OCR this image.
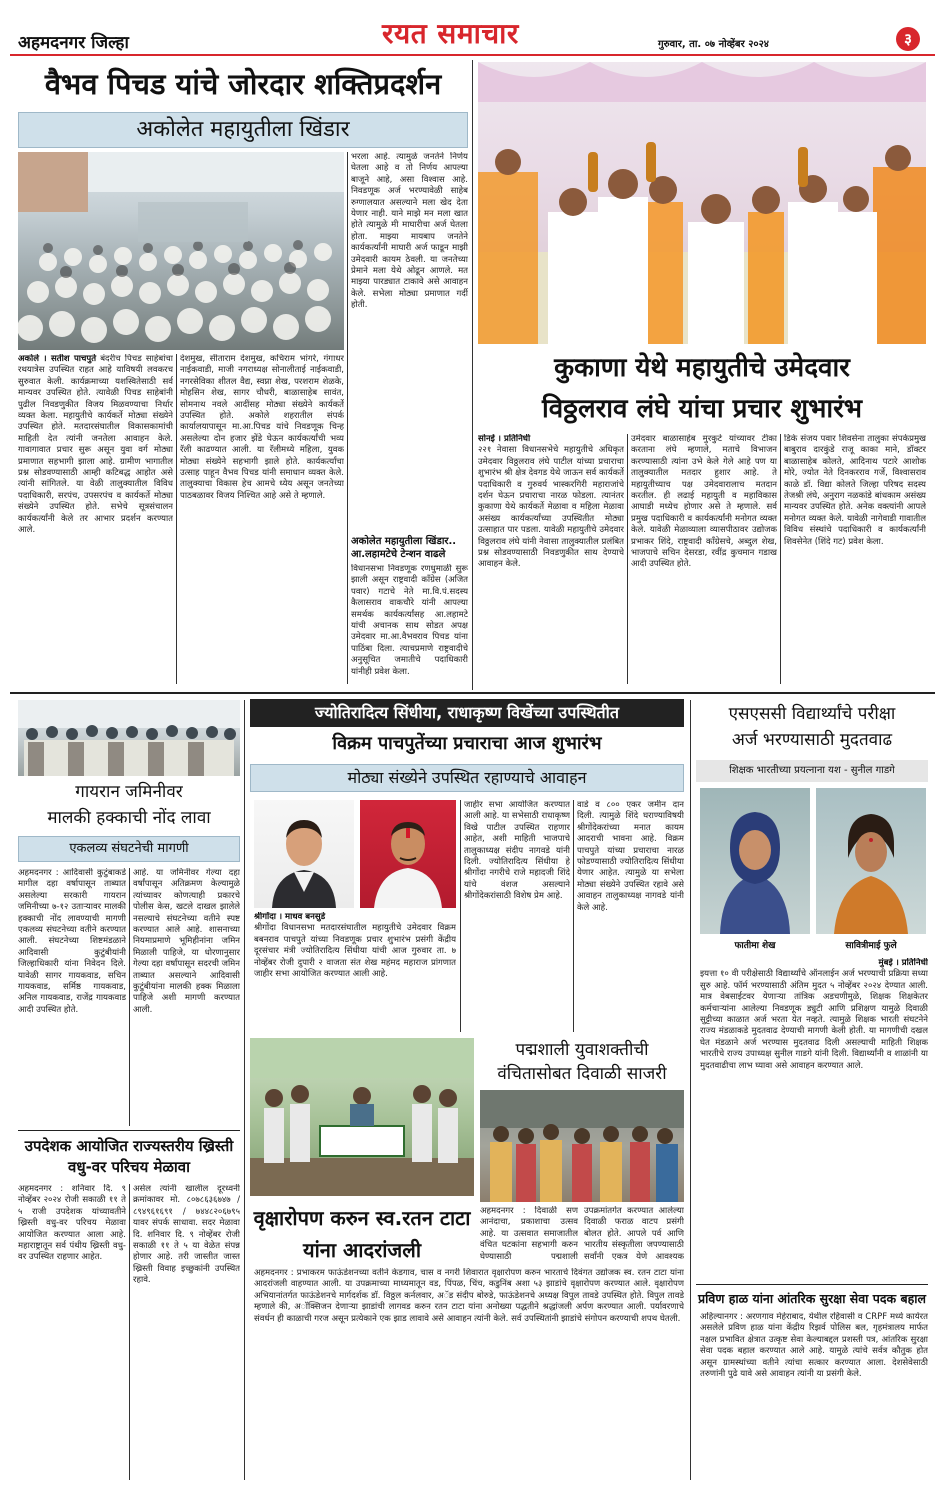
अहमदनगर जिल्हा	रयत समाचार	गुरुवार, ता. ०७ नोव्हेंबर २०२४	३
वैभव पिचड यांचे जोरदार शक्तिप्रदर्शन
अकोलेत महायुतीला खिंडार
अकोले । सतीश पाचपुते बंदरीच पिचड साहेबांचा रथयात्रेस उपस्थित राहत आहे याविषयी लवकरच सुरुवात केली. कार्यक्रमाच्या यशस्वितेसाठी सर्व मान्यवर उपस्थित होते. त्यावेळी पिचड साहेबांनी पुढील निवडणुकीत विजय मिळवण्याचा निर्धार व्यक्त केला. महायुतीचे कार्यकर्ते मोठ्या संख्येने उपस्थित होते. मतदारसंघातील विकासकामांची माहिती देत त्यांनी जनतेला आवाहन केले. गावागावात प्रचार सुरू असून युवा वर्ग मोठ्या प्रमाणात सहभागी झाला आहे. ग्रामीण भागातील प्रश्न सोडवण्यासाठी आम्ही कटिबद्ध आहोत असे त्यांनी सांगितले. या वेळी तालुक्यातील विविध पदाधिकारी, सरपंच, उपसरपंच व कार्यकर्ते मोठ्या संख्येने उपस्थित होते. सभेचे सूत्रसंचालन कार्यकर्त्यांनी केले तर आभार प्रदर्शन करण्यात आले.
देशमुख, सीताराम देशमुख, कचिराम भांगरे, गंगाधर नाईकवाडी, माजी नगराध्यक्ष सोनालीताई नाईकवाडी, नगरसेविका शीतल वैद्य, स्वप्ना शेख, परशराम शेळके, मोहसिन शेख, सागर चौधरी, बाळासाहेब सावंत, सोमनाथ नवले आदींसह मोठ्या संख्येने कार्यकर्ते उपस्थित होते. अकोले शहरातील संपर्क कार्यालयापासून मा.आ.पिचड यांचे निवडणूक चिन्ह असलेल्या दोन हजार झेंडे घेऊन कार्यकर्त्यांची भव्य रॅली काढण्यात आली. या रॅलीमध्ये महिला, युवक मोठ्या संख्येने सहभागी झाले होते. कार्यकर्त्यांचा उत्साह पाहून वैभव पिचड यांनी समाधान व्यक्त केले. तालुक्याचा विकास हेच आमचे ध्येय असून जनतेच्या पाठबळावर विजय निश्चित आहे असे ते म्हणाले.
भरला आहे. त्यामुळे जनतेने निर्णय घेतला आहे व तो निर्णय आपल्या बाजूने आहे, असा विश्वास आहे. निवडणूक अर्ज भरण्यावेळी साहेब रुग्णालयात असल्याने मला खेद देता येणार नाही. याने माझे मन मला खात होते त्यामुळे मी माघारीचा अर्ज घेतला होता. माझ्या मायबाप जनतेने कार्यकर्त्यांनी माघारी अर्ज फाडून माझी उमेदवारी कायम ठेवली. या जनतेच्या प्रेमाने मला येथे ओढून आणले. मत माझ्या पारड्यात टाकावे असे आवाहन केले. सभेला मोठ्या प्रमाणात गर्दी होती.
अकोलेत महायुतीला खिंडार.. आ.लहामटेचे टेन्शन वाढले
विधानसभा निवडणूक रणधुमाळी सुरू झाली असून राष्ट्रवादी काँग्रेस (अजित पवार) गटाचे नेते मा.वि.पं.सदस्य कैलासराव वाकचौरे यांनी आपल्या समर्थक कार्यकर्त्यांसह आ.लहामटे यांची अचानक साथ सोडत अपक्ष उमेदवार मा.आ.वैभवराव पिचड यांना पाठिंबा दिला. त्याचप्रमाणे राष्ट्रवादीचे अनुसूचित जमातीचे पदाधिकारी यांनीही प्रवेश केला.
कुकाणा येथे महायुतीचे उमेदवार
विठ्ठलराव लंघे यांचा प्रचार शुभारंभ
सोनई । प्रतिनिधी
२२१ नेवासा विधानसभेचे महायुतीचे अधिकृत उमेदवार विठ्ठलराव लंघे पाटील यांच्या प्रचाराचा शुभारंभ श्री क्षेत्र देवगड येथे जाऊन सर्व कार्यकर्ते पदाधिकारी व गुरुवर्य भास्करगिरी महाराजांचे दर्शन घेऊन प्रचाराचा नारळ फोडला. त्यानंतर कुकाणा येथे कार्यकर्ते मेळावा व महिला मेळावा असंख्य कार्यकर्त्यांच्या उपस्थितीत मोठ्या उत्साहात पार पडला. यावेळी महायुतीचे उमेदवार विठ्ठलराव लंघे यांनी नेवासा तालुक्यातील प्रलंबित प्रश्न सोडवण्यासाठी निवडणुकीत साथ देण्याचे आवाहन केले.
उमेदवार बाळासाहेब मुरकुटे यांच्यावर टीका करताना लंघे म्हणाले, मताचे विभाजन करण्यासाठी त्यांना उभे केले गेले आहे पण या तालुक्यातील मतदार हुशार आहे. ते महायुतीच्याच पक्ष उमेदवारालाच मतदान करतील. ही लढाई महायुती व महाविकास आघाडी मध्येच होणार असे ते म्हणाले. सर्व प्रमुख पदाधिकारी व कार्यकर्त्यांनी मनोगत व्यक्त केले. यावेळी मेळाव्याला व्यासपीठावर उद्योजक प्रभाकर शिंदे, राष्ट्रवादी काँग्रेसचे, अब्दुल शेख, भाजपाचे सचिन देसरडा, रवींद्र कुचमान गडाख आदी उपस्थित होते.
डिके संजय पवार शिवसेना तालुका संपर्कप्रमुख बाबुराव दारकुंडे राजू काका माने, डॉक्टर बाळासाहेब कोलते, आदिनाथ पटारे आशोक मोरे, ज्योत नेते दिनकरराव गर्जे, विश्वासराव काळे डॉ. विद्या कोलते जिल्हा परिषद सदस्य तेजश्री लंघे, अनुराग नळकांडे बांधकाम असंख्य मान्यवर उपस्थित होते. अनेक वक्त्यांनी आपले मनोगत व्यक्त केले. यावेळी नागेवाडी गावातील विविध संस्थांचे पदाधिकारी व कार्यकर्त्यांनी शिवसेनेत (शिंदे गट) प्रवेश केला.
गायरान जमिनीवर
मालकी हक्काची नोंद लावा
एकलव्य संघटनेची मागणी
अहमदनगर : आदिवासी कुटुंबाकडे मागील दहा वर्षापासून ताब्यात असलेल्या सरकारी गायरान जमिनीच्या ७-१२ उताऱ्यावर मालकी हक्काची नोंद लावण्याची मागणी एकलव्य संघटनेच्या वतीने करण्यात आली. संघटनेच्या शिष्टमंडळाने आदिवासी कुटुंबीयांनी जिल्हाधिकारी यांना निवेदन दिले. यावेळी सागर गायकवाड, सचिन गायकवाड, सर्मिष्ठ गायकवाड, अनिल गायकवाड, राजेंद्र गायकवाड आदी उपस्थित होते.
आहे. या जमिनीवर गेल्या दहा वर्षांपासून अतिक्रमण केल्यामुळे त्यांच्यावर कोणत्याही प्रकारचे पोलीस केस, खटले दाखल झालेले नसल्याचे संघटनेच्या वतीने स्पष्ट करण्यात आले आहे. शासनाच्या नियमाप्रमाणे भूमिहीनांना जमिन मिळाली पाहिजे, या धोरणानुसार गेल्या दहा वर्षांपासून सदरची जमिन ताब्यात असल्याने आदिवासी कुटुंबीयांना मालकी हक्क मिळाला पाहिजे अशी मागणी करण्यात आली.
उपदेशक आयोजित राज्यस्तरीय ख्रिस्ती वधु-वर परिचय मेळावा
अहमदनगर : शनिवार दि. ९ नोव्हेंबर २०२४ रोजी सकाळी ११ ते ५ राजी उपदेशक यांच्यावतीने ख्रिस्ती वधु-वर परिचय मेळावा आयोजित करण्यात आला आहे. महाराष्ट्रातून सर्व पंथीय ख्रिस्ती वधु-वर उपस्थित राहणार आहेत.
असेल त्यांनी खालील दूरध्वनी क्रमांकावर मो. ८०७८६३६७४७ / ८९४९६१६९१ / ७४४८२०६७९५ यावर संपर्क साधावा. सदर मेळावा दि. शनिवार दि. ९ नोव्हेंबर रोजी सकाळी ११ ते ५ या वेळेत संपन्न होणार आहे. तरी जास्तीत जास्त ख्रिस्ती विवाह इच्छुकांनी उपस्थित रहावे.
ज्योतिरादित्य सिंधीया, राधाकृष्ण विखेंच्या उपस्थितीत
विक्रम पाचपुतेंच्या प्रचाराचा आज शुभारंभ
मोठ्या संख्येने उपस्थित रहाण्याचे आवाहन
श्रीगोंदा । माधव बनसुडे
श्रीगोंदा विधानसभा मतदारसंघातील महायुतीचे उमेदवार विक्रम बबनराव पाचपुते यांच्या निवडणूक प्रचार शुभारंभ प्रसंगी केंद्रीय दूरसंचार मंत्री ज्योतिरादित्य सिंधीया यांची आज गुरुवार ता. ७ नोव्हेंबर रोजी दुपारी २ वाजता संत शेख महंमद महाराज प्रांगणात जाहीर सभा आयोजित करण्यात आली आहे.
जाहीर सभा आयोजित करण्यात आली आहे. या सभेसाठी राधाकृष्ण विखे पाटील उपस्थित राहणार आहेत, अशी माहिती भाजपाचे तालुकाध्यक्ष संदीप नागवडे यांनी दिली. ज्योतिरादित्य सिंधीया हे श्रीगोंदा नगरीचे राजे महादजी शिंदे यांचे वंशज असल्याने श्रीगोंदेकरांसाठी विशेष प्रेम आहे.
वाडे व ८०० एकर जमीन दान दिली. त्यामुळे शिंदे घराण्याविषयी श्रीगोंदेकरांच्या मनात कायम आदराची भावना आहे. विक्रम पाचपुते यांच्या प्रचाराचा नारळ फोडण्यासाठी ज्योतिरादित्य सिंधीया येणार आहेत. त्यामुळे या सभेला मोठ्या संख्येने उपस्थित रहावे असे आवाहन तालुकाध्यक्ष नागवडे यांनी केले आहे.
वृक्षारोपण करुन स्व.रतन टाटा यांना आदरांजली
अहमदनगर : प्रभाकरम फाऊंडेशनच्या वतीने केडगाव, चास व नगरी शिवारात वृक्षारोपण करुन भारताचे दिवंगत उद्योजक स्व. रतन टाटा यांना आदरांजली वाहण्यात आली. या उपक्रमाच्या माध्यमातून वड, पिंपळ, चिंच, कडुनिंब अशा ५३ झाडांचे वृक्षारोपण करण्यात आले. वृक्षारोपण अभियानांतर्गत फाऊंडेशनचे मार्गदर्शक डॉ. विठ्ठल कर्नलवार, अॅड संदीप बोरुडे, फाऊंडेशनचे अध्यक्ष विपुल तावडे उपस्थित होते. विपुल तावडे म्हणाले की, अॉक्सिजन देणाऱ्या झाडांची लागवड करुन रतन टाटा यांना अनोख्या पद्धतीने श्रद्धांजली अर्पण करण्यात आली. पर्यावरणाचे संवर्धन ही काळाची गरज असून प्रत्येकाने एक झाड लावावे असे आवाहन त्यांनी केले. सर्व उपस्थितांनी झाडांचे संगोपन करण्याची शपथ घेतली.
पद्मशाली युवाशक्तीची वंचितासोबत दिवाळी साजरी
अहमदनगर : दिवाळी सण आनंदाचा, प्रकाशाचा उत्सव आहे. या उत्सवात समाजातील वंचित घटकांना सहभागी करुन घेण्यासाठी पद्मशाली
उपक्रमांतर्गत करण्यात आलेल्या दिवाळी फराळ वाटप प्रसंगी बोलत होते. आपले पर्व आणि भारतीय संस्कृतीला जपण्यासाठी सर्वांनी एकत्र येणे आवश्यक
एसएससी विद्यार्थ्यांचे परीक्षा
अर्ज भरण्यासाठी मुदतवाढ
शिक्षक भारतीच्या प्रयत्नाना यश - सुनील गाडगे
फातीमा शेख	सावित्रीमाई फुले
मुंबई । प्रतिनिधी
इयत्ता १० वी परीक्षेसाठी विद्यार्थ्यांचे ऑनलाईन अर्ज भरण्याची प्रक्रिया सध्या सुरु आहे. फॉर्म भरण्यासाठी अंतिम मुदत ५ नोव्हेंबर २०२४ देण्यात आली. मात्र वेबसाईटवर येणाऱ्या तांत्रिक अडचणीमुळे, शिक्षक शिक्षकेतर कर्मचाऱ्यांना आलेल्या निवडणूक ड्युटी आणि प्रशिक्षण यामुळे दिवाळी सुट्टीच्या काळात अर्ज भरता येत नव्हते. त्यामुळे शिक्षक भारती संघटनेने राज्य मंडळाकडे मुदतवाढ देण्याची मागणी केली होती. या मागणीची दखल घेत मंडळाने अर्ज भरण्यास मुदतवाढ दिली असल्याची माहिती शिक्षक भारतीचे राज्य उपाध्यक्ष सुनील गाडगे यांनी दिली. विद्यार्थ्यांनी व शाळांनी या मुदतवाढीचा लाभ घ्यावा असे आवाहन करण्यात आले.
प्रविण हाळ यांना आंतरिक सुरक्षा सेवा पदक बहाल
अहिल्यानगर : अरणगाव मेहेराबाद, येथील रहिवासी व CRPF मध्ये कार्यरत असलेले प्रविण हाळ यांना केंद्रीय रिझर्व पोलिस बल, गृहमंत्रालय मार्फत नक्षल प्रभावित क्षेत्रात उत्कृष्ट सेवा केल्याबद्दल प्रशस्ती पत्र, आंतरिक सुरक्षा सेवा पदक बहाल करण्यात आले आहे. यामुळे त्यांचे सर्वत्र कौतुक होत असून ग्रामस्थांच्या वतीने त्यांचा सत्कार करण्यात आला. देशसेवेसाठी तरुणांनी पुढे यावे असे आवाहन त्यांनी या प्रसंगी केले.
